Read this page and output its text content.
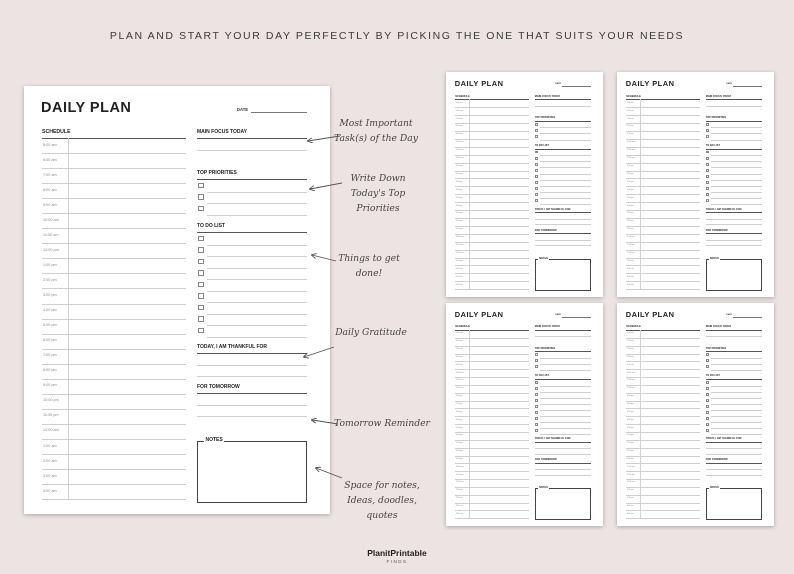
PLAN AND START YOUR DAY PERFECTLY BY PICKING THE ONE THAT SUITS YOUR NEEDS
DAILY PLAN	DATE
SCHEDULE
5:00 am
6:00 am
7:00 am
8:00 am
9:00 am
10:00 am
11:00 am
12:00 pm
1:00 pm
2:00 pm
3:00 pm
4:00 pm
5:00 pm
6:00 pm
7:00 pm
8:00 pm
9:00 pm
10:00 pm
11:00 pm
12:00 am
1:00 am
2:00 am
3:00 am
4:00 am
MAIN FOCUS TODAY
TOP PRIORITIES
TO DO LIST
TODAY, I AM THANKFUL FOR
FOR TOMORROW
NOTES
DAILY PLAN	DATE
SCHEDULE
5:00 am
6:00 am
7:00 am
8:00 am
9:00 am
10:00 am
11:00 am
12:00 pm
1:00 pm
2:00 pm
3:00 pm
4:00 pm
5:00 pm
6:00 pm
7:00 pm
8:00 pm
9:00 pm
10:00 pm
11:00 pm
12:00 am
1:00 am
2:00 am
3:00 am
4:00 am
MAIN FOCUS TODAY
TOP PRIORITIES
TO DO LIST
TODAY, I AM THANKFUL FOR
FOR TOMORROW
NOTES
DAILY PLAN	DATE
SCHEDULE
5:00 am
6:00 am
7:00 am
8:00 am
9:00 am
10:00 am
11:00 am
12:00 pm
1:00 pm
2:00 pm
3:00 pm
4:00 pm
5:00 pm
6:00 pm
7:00 pm
8:00 pm
9:00 pm
10:00 pm
11:00 pm
12:00 am
1:00 am
2:00 am
3:00 am
4:00 am
MAIN FOCUS TODAY
TOP PRIORITIES
TO DO LIST
TODAY, I AM THANKFUL FOR
FOR TOMORROW
NOTES
DAILY PLAN	DATE
SCHEDULE
5:00 am
6:00 am
7:00 am
8:00 am
9:00 am
10:00 am
11:00 am
12:00 pm
1:00 pm
2:00 pm
3:00 pm
4:00 pm
5:00 pm
6:00 pm
7:00 pm
8:00 pm
9:00 pm
10:00 pm
11:00 pm
12:00 am
1:00 am
2:00 am
3:00 am
4:00 am
MAIN FOCUS TODAY
TOP PRIORITIES
TO DO LIST
TODAY, I AM THANKFUL FOR
FOR TOMORROW
NOTES
DAILY PLAN	DATE
SCHEDULE
5:00 am
6:00 am
7:00 am
8:00 am
9:00 am
10:00 am
11:00 am
12:00 pm
1:00 pm
2:00 pm
3:00 pm
4:00 pm
5:00 pm
6:00 pm
7:00 pm
8:00 pm
9:00 pm
10:00 pm
11:00 pm
12:00 am
1:00 am
2:00 am
3:00 am
4:00 am
MAIN FOCUS TODAY
TOP PRIORITIES
TO DO LIST
TODAY, I AM THANKFUL FOR
FOR TOMORROW
NOTES
Most Important
Task(s) of the Day
Write Down
Today's Top Priorities
Things to get
done!
Daily Gratitude
Tomorrow Reminder
Space for notes,
Ideas, doodles, quotes
PlanitPrintable
FINDS
